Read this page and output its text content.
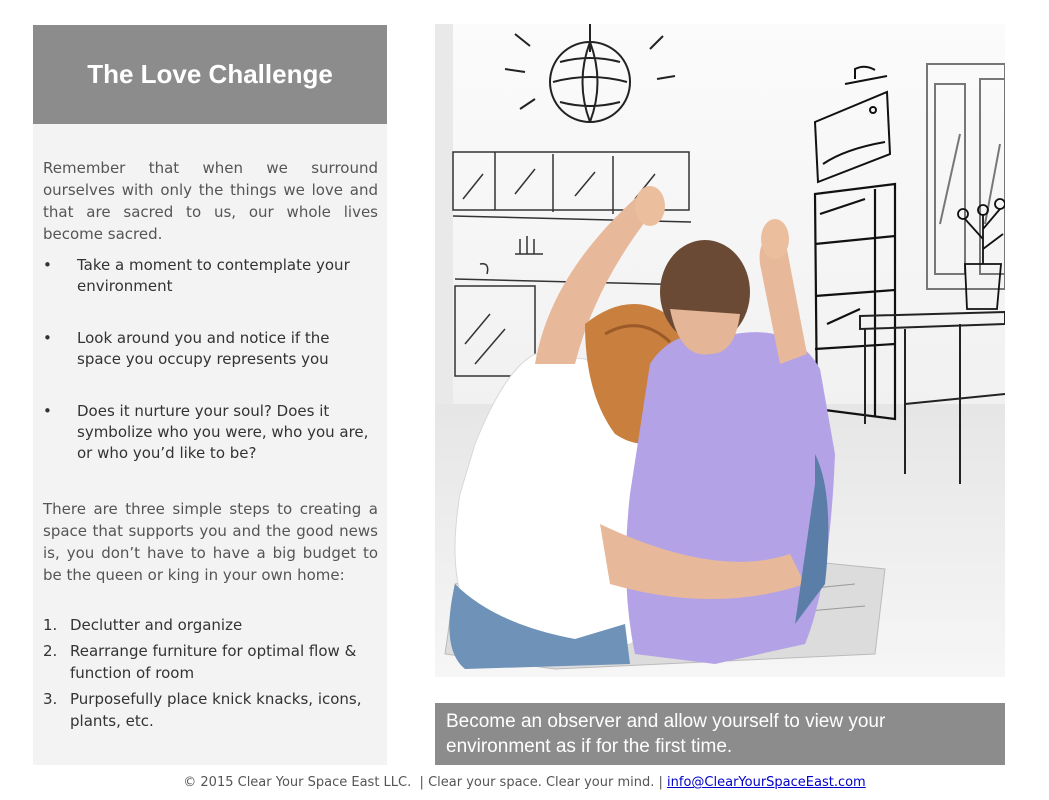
The Love Challenge

Remember that when we surround ourselves with only the things we love and that are sacred to us, our whole lives become sacred.

• Take a moment to contemplate your environment
• Look around you and notice if the space you occupy represents you
• Does it nurture your soul? Does it symbolize who you were, who you are, or who you’d like to be?

There are three simple steps to creating a space that supports you and the good news is, you don’t have to have a big budget to be the queen or king in your own home:

1. Declutter and organize
2. Rearrange furniture for optimal flow & function of room
3. Purposefully place knick knacks, icons, plants, etc.	Become an observer and allow yourself to view your environment as if for the first time.
© 2015 Clear Your Space East LLC. | Clear your space. Clear your mind. | info@ClearYourSpaceEast.com
